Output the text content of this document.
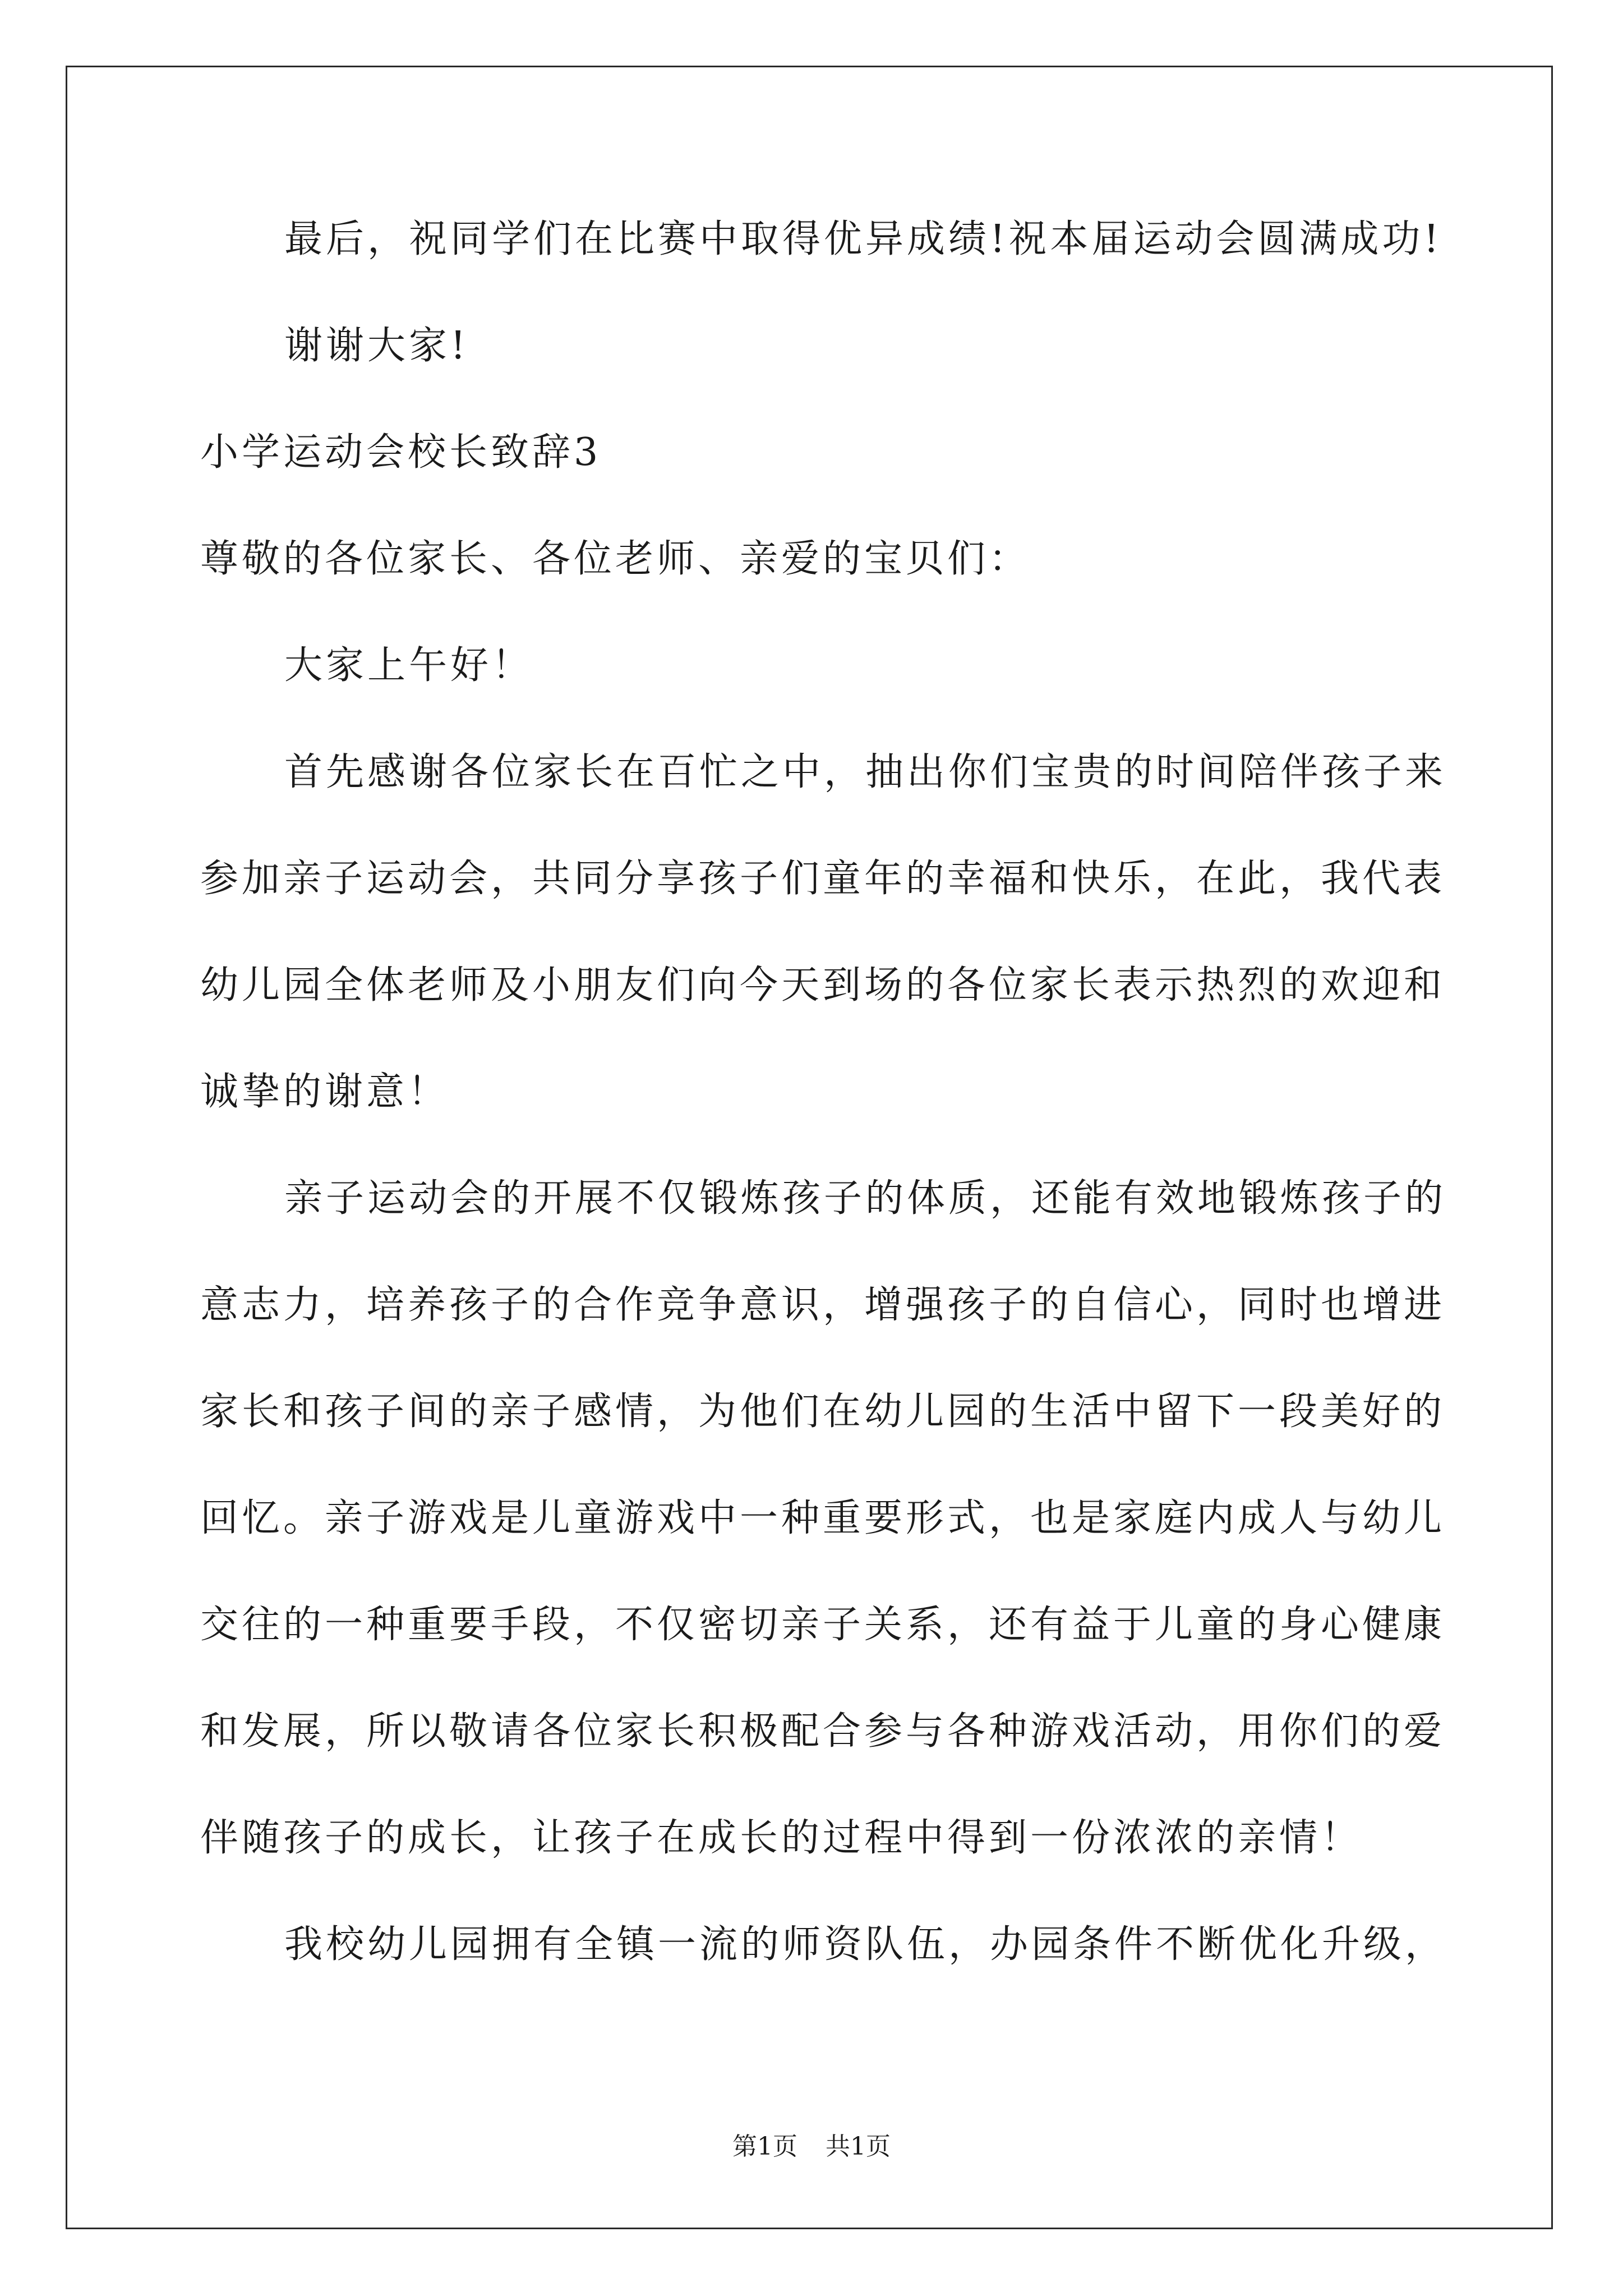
最后，祝同学们在比赛中取得优异成绩!祝本届运动会圆满成功!
谢谢大家!
小学运动会校长致辞3
尊敬的各位家长、各位老师、亲爱的宝贝们：
大家上午好！
首先感谢各位家长在百忙之中，抽出你们宝贵的时间陪伴孩子来
参加亲子运动会，共同分享孩子们童年的幸福和快乐，在此，我代表
幼儿园全体老师及小朋友们向今天到场的各位家长表示热烈的欢迎和
诚挚的谢意！
亲子运动会的开展不仅锻炼孩子的体质，还能有效地锻炼孩子的
意志力，培养孩子的合作竞争意识，增强孩子的自信心，同时也增进
家长和孩子间的亲子感情，为他们在幼儿园的生活中留下一段美好的
回忆。亲子游戏是儿童游戏中一种重要形式，也是家庭内成人与幼儿
交往的一种重要手段，不仅密切亲子关系，还有益于儿童的身心健康
和发展，所以敬请各位家长积极配合参与各种游戏活动，用你们的爱
伴随孩子的成长，让孩子在成长的过程中得到一份浓浓的亲情！
我校幼儿园拥有全镇一流的师资队伍，办园条件不断优化升级，
第1页 共1页
